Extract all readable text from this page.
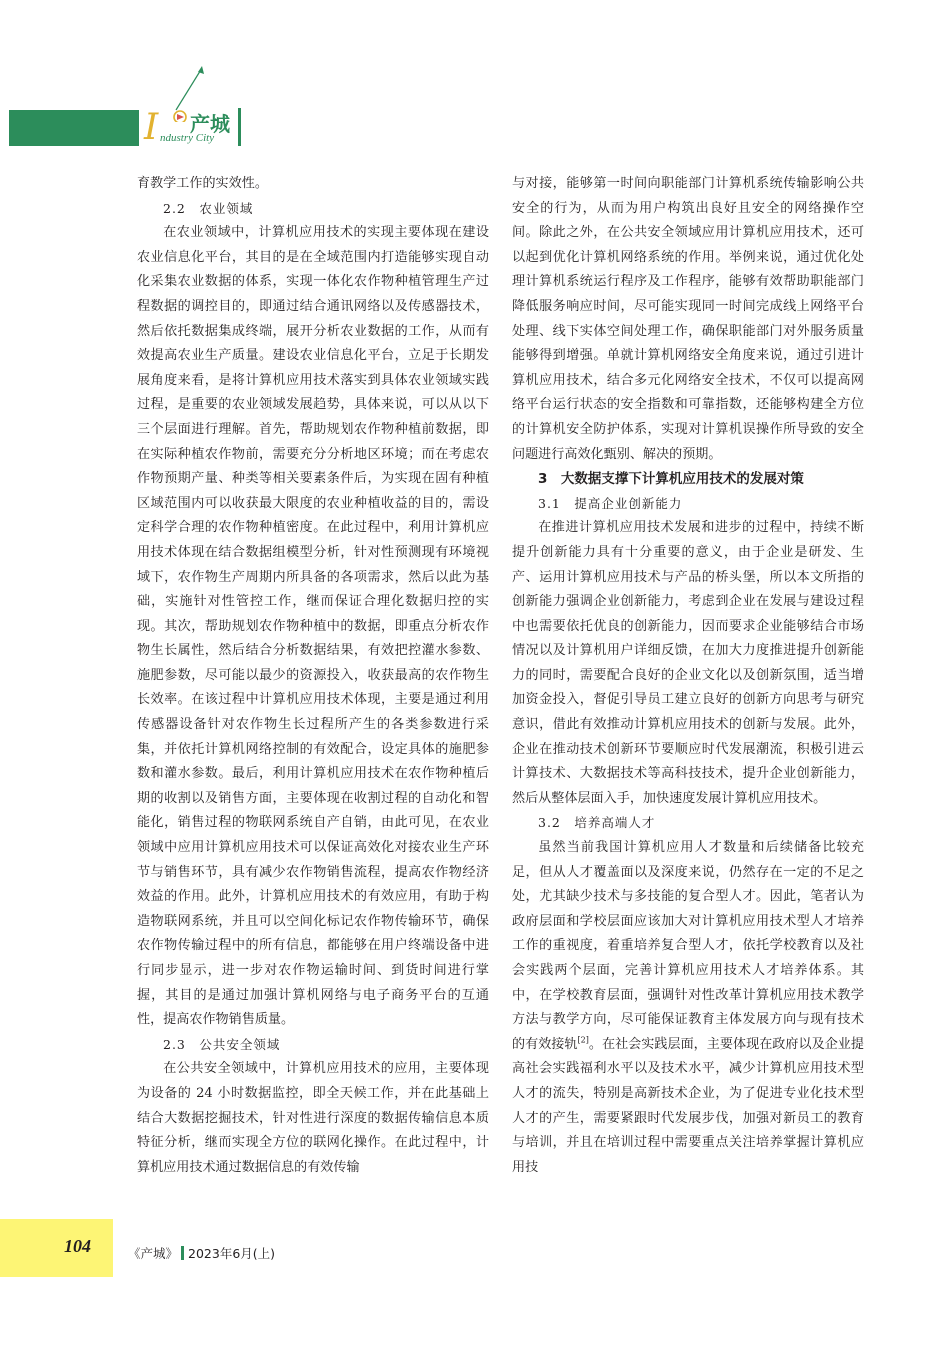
I ndustry City
产城

育教学工作的实效性。

2.2　农业领域

在农业领域中，计算机应用技术的实现主要体现在建设农业信息化平台，其目的是在全域范围内打造能够实现自动化采集农业数据的体系，实现一体化农作物种植管理生产过程数据的调控目的，即通过结合通讯网络以及传感器技术，然后依托数据集成终端，展开分析农业数据的工作，从而有效提高农业生产质量。建设农业信息化平台，立足于长期发展角度来看，是将计算机应用技术落实到具体农业领域实践过程，是重要的农业领域发展趋势，具体来说，可以从以下三个层面进行理解。首先，帮助规划农作物种植前数据，即在实际种植农作物前，需要充分分析地区环境；而在考虑农作物预期产量、种类等相关要素条件后，为实现在固有种植区域范围内可以收获最大限度的农业种植收益的目的，需设定科学合理的农作物种植密度。在此过程中，利用计算机应用技术体现在结合数据组模型分析，针对性预测现有环境视域下，农作物生产周期内所具备的各项需求，然后以此为基础，实施针对性管控工作，继而保证合理化数据归控的实现。其次，帮助规划农作物种植中的数据，即重点分析农作物生长属性，然后结合分析数据结果，有效把控灌水参数、施肥参数，尽可能以最少的资源投入，收获最高的农作物生长效率。在该过程中计算机应用技术体现，主要是通过利用传感器设备针对农作物生长过程所产生的各类参数进行采集，并依托计算机网络控制的有效配合，设定具体的施肥参数和灌水参数。最后，利用计算机应用技术在农作物种植后期的收割以及销售方面，主要体现在收割过程的自动化和智能化，销售过程的物联网系统自产自销，由此可见，在农业领域中应用计算机应用技术可以保证高效化对接农业生产环节与销售环节，具有减少农作物销售流程，提高农作物经济效益的作用。此外，计算机应用技术的有效应用，有助于构造物联网系统，并且可以空间化标记农作物传输环节，确保农作物传输过程中的所有信息，都能够在用户终端设备中进行同步显示，进一步对农作物运输时间、到货时间进行掌握，其目的是通过加强计算机网络与电子商务平台的互通性，提高农作物销售质量。

2.3　公共安全领域

在公共安全领域中，计算机应用技术的应用，主要体现为设备的 24 小时数据监控，即全天候工作，并在此基础上结合大数据挖掘技术，针对性进行深度的数据传输信息本质特征分析，继而实现全方位的联网化操作。在此过程中，计算机应用技术通过数据信息的有效传输

与对接，能够第一时间向职能部门计算机系统传输影响公共安全的行为，从而为用户构筑出良好且安全的网络操作空间。除此之外，在公共安全领域应用计算机应用技术，还可以起到优化计算机网络系统的作用。举例来说，通过优化处理计算机系统运行程序及工作程序，能够有效帮助职能部门降低服务响应时间，尽可能实现同一时间完成线上网络平台处理、线下实体空间处理工作，确保职能部门对外服务质量能够得到增强。单就计算机网络安全角度来说，通过引进计算机应用技术，结合多元化网络安全技术，不仅可以提高网络平台运行状态的安全指数和可靠指数，还能够构建全方位的计算机安全防护体系，实现对计算机误操作所导致的安全问题进行高效化甄别、解决的预期。

3　大数据支撑下计算机应用技术的发展对策
3.1　提高企业创新能力

在推进计算机应用技术发展和进步的过程中，持续不断提升创新能力具有十分重要的意义，由于企业是研发、生产、运用计算机应用技术与产品的桥头堡，所以本文所指的创新能力强调企业创新能力，考虑到企业在发展与建设过程中也需要依托优良的创新能力，因而要求企业能够结合市场情况以及计算机用户详细反馈，在加大力度推进提升创新能力的同时，需要配合良好的企业文化以及创新氛围，适当增加资金投入，督促引导员工建立良好的创新方向思考与研究意识，借此有效推动计算机应用技术的创新与发展。此外，企业在推动技术创新环节要顺应时代发展潮流，积极引进云计算技术、大数据技术等高科技技术，提升企业创新能力，然后从整体层面入手，加快速度发展计算机应用技术。

3.2　培养高端人才

虽然当前我国计算机应用人才数量和后续储备比较充足，但从人才覆盖面以及深度来说，仍然存在一定的不足之处，尤其缺少技术与多技能的复合型人才。因此，笔者认为政府层面和学校层面应该加大对计算机应用技术型人才培养工作的重视度，着重培养复合型人才，依托学校教育以及社会实践两个层面，完善计算机应用技术人才培养体系。其中，在学校教育层面，强调针对性改革计算机应用技术教学方法与教学方向，尽可能保证教育主体发展方向与现有技术的有效接轨[2]。在社会实践层面，主要体现在政府以及企业提高社会实践福利水平以及技术水平，减少计算机应用技术型人才的流失，特别是高新技术企业，为了促进专业化技术型人才的产生，需要紧跟时代发展步伐，加强对新员工的教育与培训，并且在培训过程中需要重点关注培养掌握计算机应用技

104	《产城》 2023年6月(上)
